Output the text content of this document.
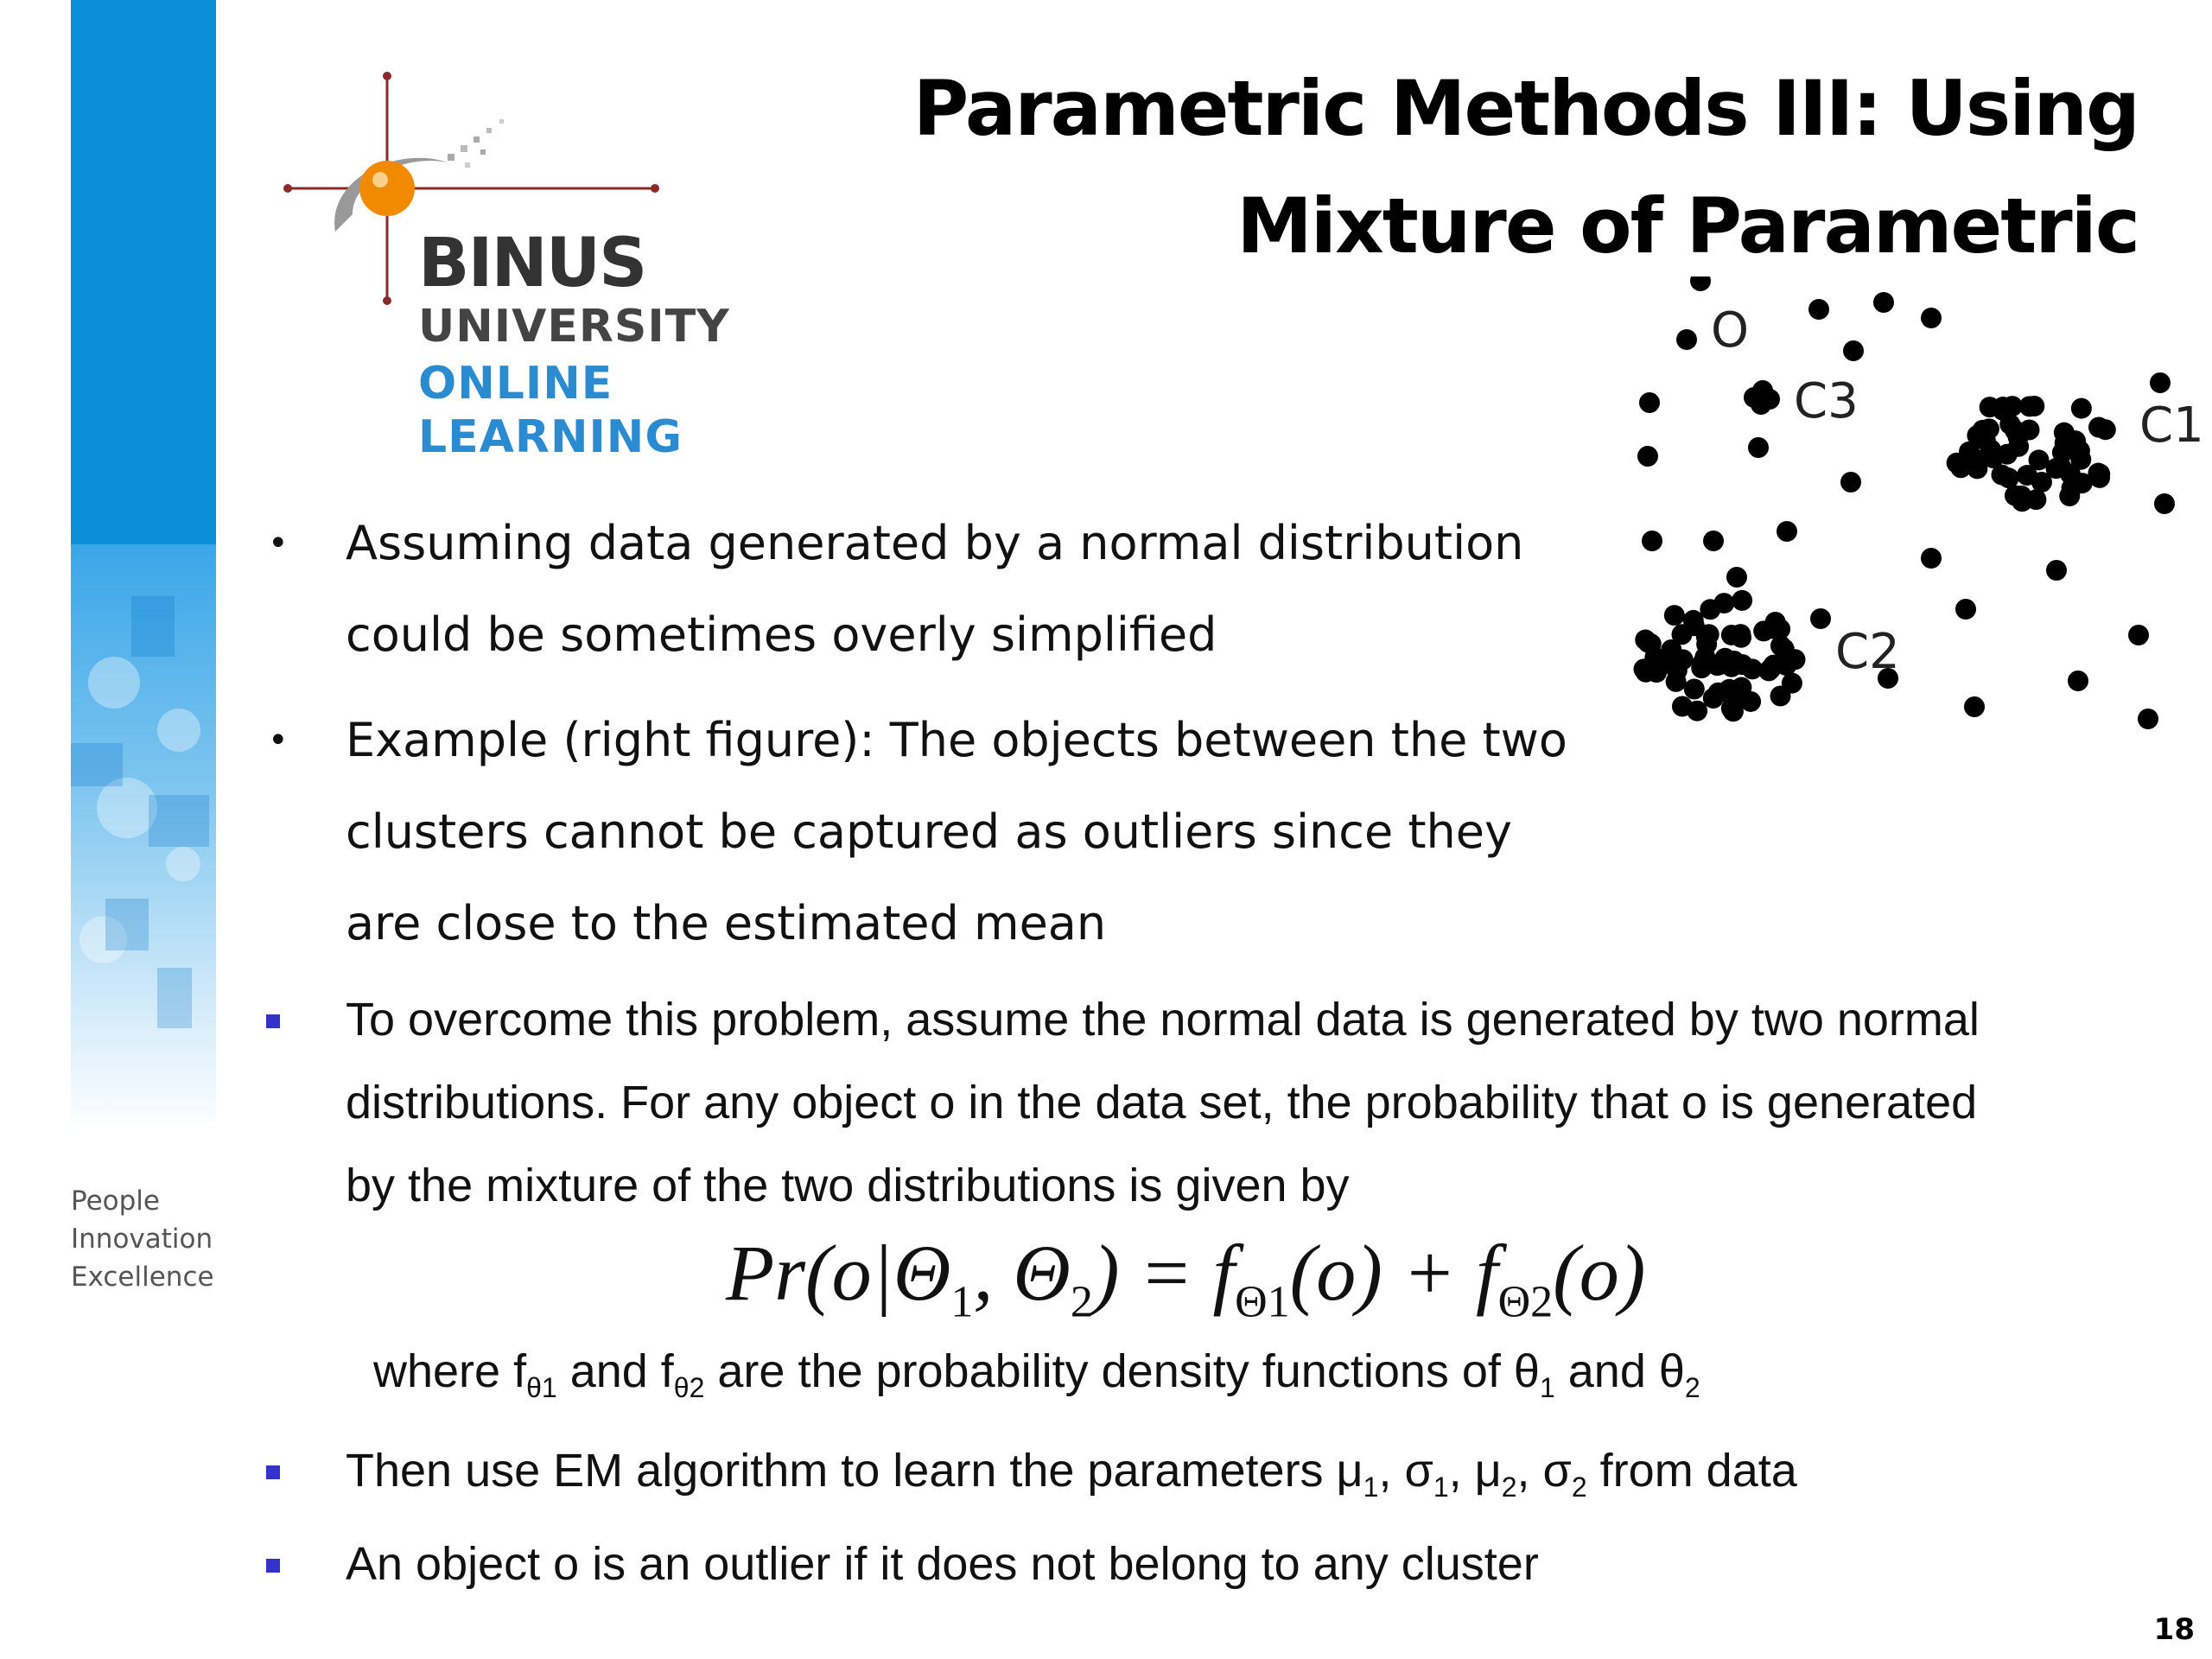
People
Innovation
Excellence
BINUS
UNIVERSITY
ONLINE
LEARNING
Parametric Methods III: Using
Mixture of Parametric
O
C3	C1
C2
• Assuming data generated by a normal distribution
could be sometimes overly simplified
• Example (right figure): The objects between the two
clusters cannot be captured as outliers since they
are close to the estimated mean
To overcome this problem, assume the normal data is generated by two normal
distributions. For any object o in the data set, the probability that o is generated
by the mixture of the two distributions is given by
$Pr(o|\Theta_1$, $\Theta_2) = f_{\Theta 1}(o) + f_{\Theta 2}(o)$
where $f_{\theta 1}$ and $f_{\theta 2}$ are the probability density functions of $\theta_1$ and $\theta_2$
Then use EM algorithm to learn the parameters $\mu_1$, $\sigma_1$, $\mu_2$, $\sigma_2$ from data
An object o is an outlier if it does not belong to any cluster
18
